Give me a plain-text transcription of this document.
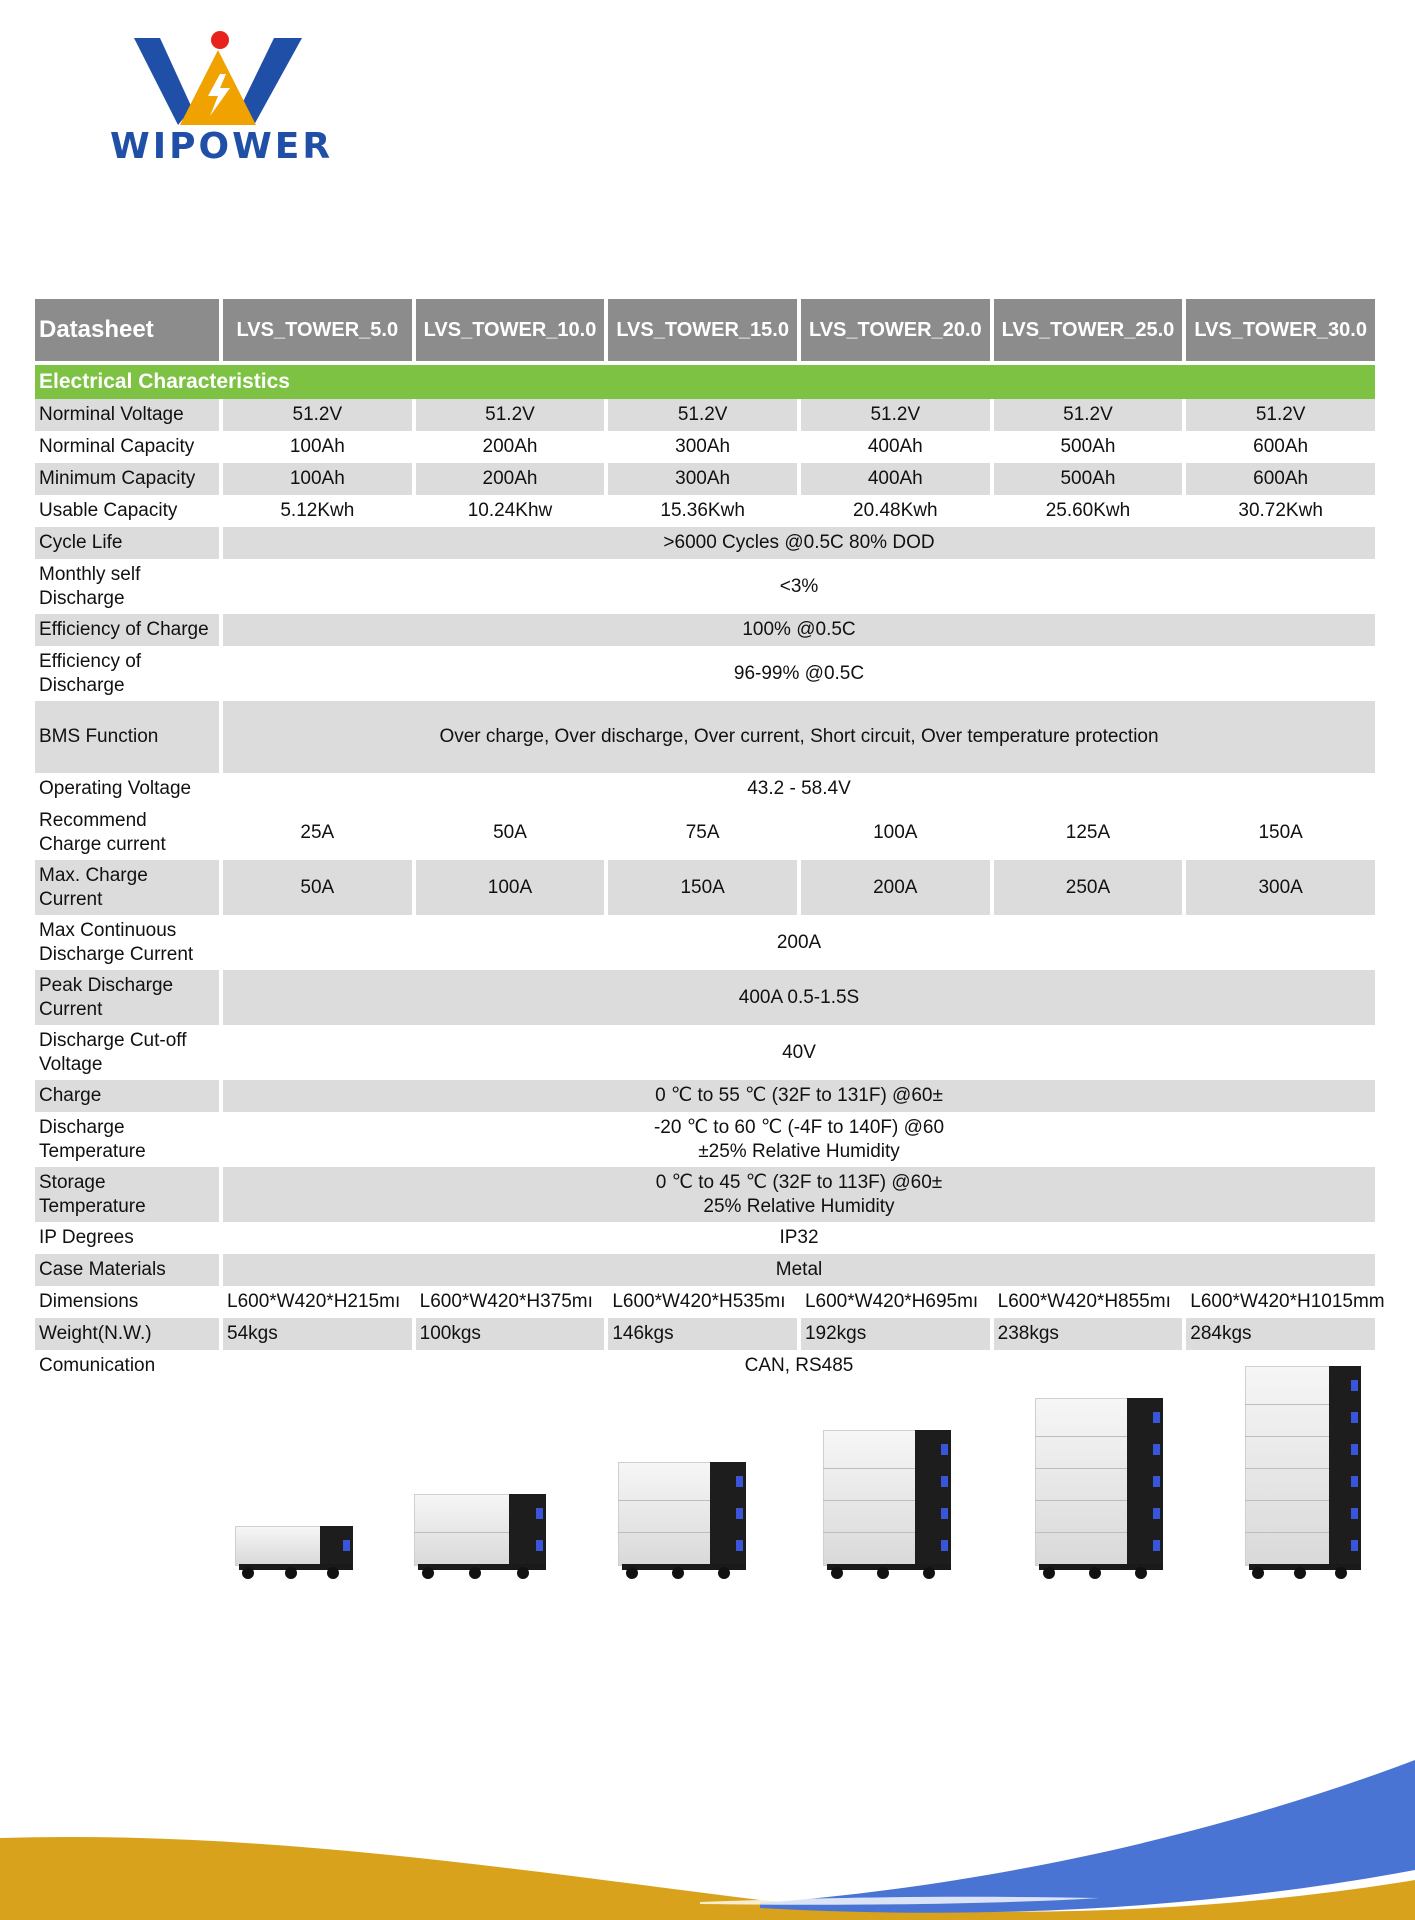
WIPOWER
Datasheet	LVS_TOWER_5.0	LVS_TOWER_10.0	LVS_TOWER_15.0	LVS_TOWER_20.0	LVS_TOWER_25.0	LVS_TOWER_30.0

Electrical Characteristics						
Norminal Voltage	51.2V	51.2V	51.2V	51.2V	51.2V	51.2V
Norminal Capacity	100Ah	200Ah	300Ah	400Ah	500Ah	600Ah
Minimum Capacity	100Ah	200Ah	300Ah	400Ah	500Ah	600Ah
Usable Capacity	5.12Kwh	10.24Khw	15.36Kwh	20.48Kwh	25.60Kwh	30.72Kwh
Cycle Life	>6000 Cycles @0.5C 80% DOD					
Monthly self
Discharge	<3%					
Efficiency of Charge	100% @0.5C					
Efficiency of
Discharge	96-99% @0.5C					
BMS Function	Over charge, Over discharge, Over current, Short circuit, Over temperature protection					
Operating Voltage	43.2 - 58.4V					
Recommend
Charge current	25A	50A	75A	100A	125A	150A
Max. Charge
Current	50A	100A	150A	200A	250A	300A
Max Continuous
Discharge Current	200A					
Peak Discharge
Current	400A 0.5-1.5S					
Discharge Cut-off
Voltage	40V					
Charge	0 ℃ to 55 ℃ (32F to 131F) @60±					
Discharge
Temperature	-20 ℃ to 60 ℃ (-4F to 140F) @60
±25% Relative Humidity					
Storage
Temperature	0 ℃ to 45 ℃ (32F to 113F) @60±
25% Relative Humidity					
IP Degrees	IP32					
Case Materials	Metal					
Dimensions	L600*W420*H215mı	L600*W420*H375mı	L600*W420*H535mı	L600*W420*H695mı	L600*W420*H855mı	L600*W420*H1015mm
Weight(N.W.)	54kgs	100kgs	146kgs	192kgs	238kgs	284kgs
Comunication	CAN, RS485					
